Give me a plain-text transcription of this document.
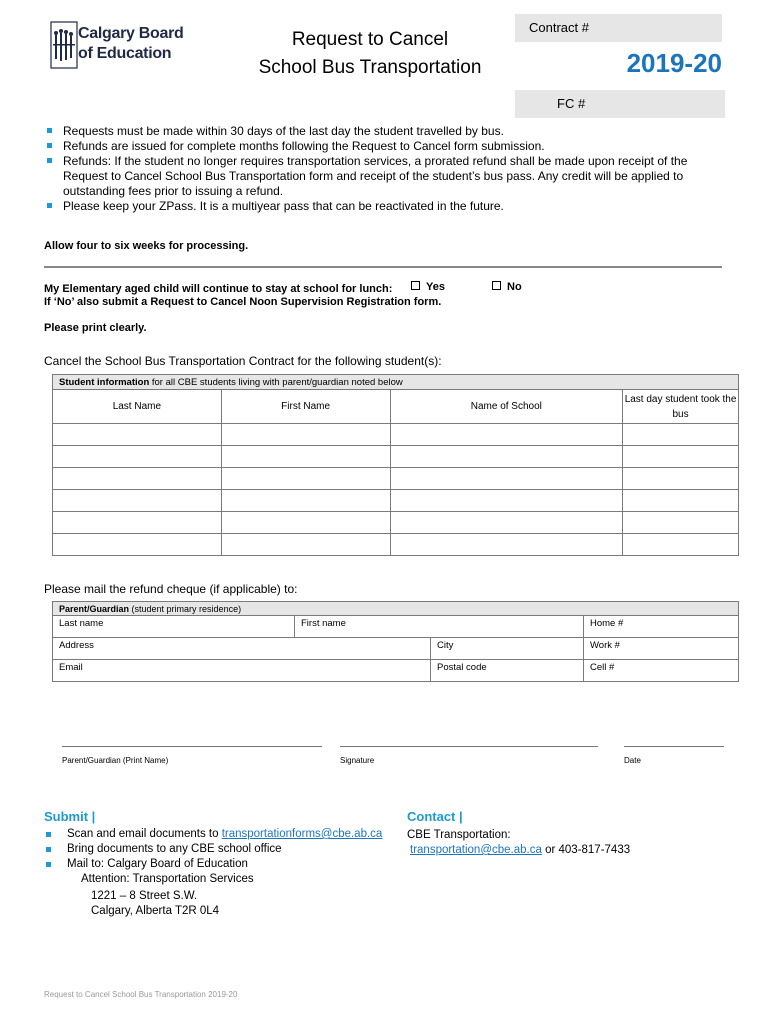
Calgary Board
of Education
Request to Cancel
School Bus Transportation
Contract #
2019-20
FC #
Requests must be made within 30 days of the last day the student travelled by bus.
Refunds are issued for complete months following the Request to Cancel form submission.
Refunds: If the student no longer requires transportation services, a prorated refund shall be made upon receipt of the Request to Cancel School Bus Transportation form and receipt of the student’s bus pass. Any credit will be applied to outstanding fees prior to issuing a refund.
Please keep your ZPass. It is a multiyear pass that can be reactivated in the future.
Allow four to six weeks for processing.
My Elementary aged child will continue to stay at school for lunch:	Yes	No
If ‘No’ also submit a Request to Cancel Noon Supervision Registration form.
Please print clearly.
Cancel the School Bus Transportation Contract for the following student(s):
Student information for all CBE students living with parent/guardian noted below			
Last Name	First Name	Name of School	Last day student took the bus

Please mail the refund cheque (if applicable) to:
Parent/Guardian (student primary residence)			
Last name	First name		Home #
Address		City	Work #
Email		Postal code	Cell #
Parent/Guardian (Print Name)	Signature	Date
Submit |
Scan and email documents to transportationforms@cbe.ab.ca
Bring documents to any CBE school office
Mail to: Calgary Board of Education
Attention: Transportation Services
1221 – 8 Street S.W.
Calgary, Alberta T2R 0L4
Contact |
CBE Transportation:
transportation@cbe.ab.ca or 403-817-7433
Request to Cancel School Bus Transportation 2019-20
